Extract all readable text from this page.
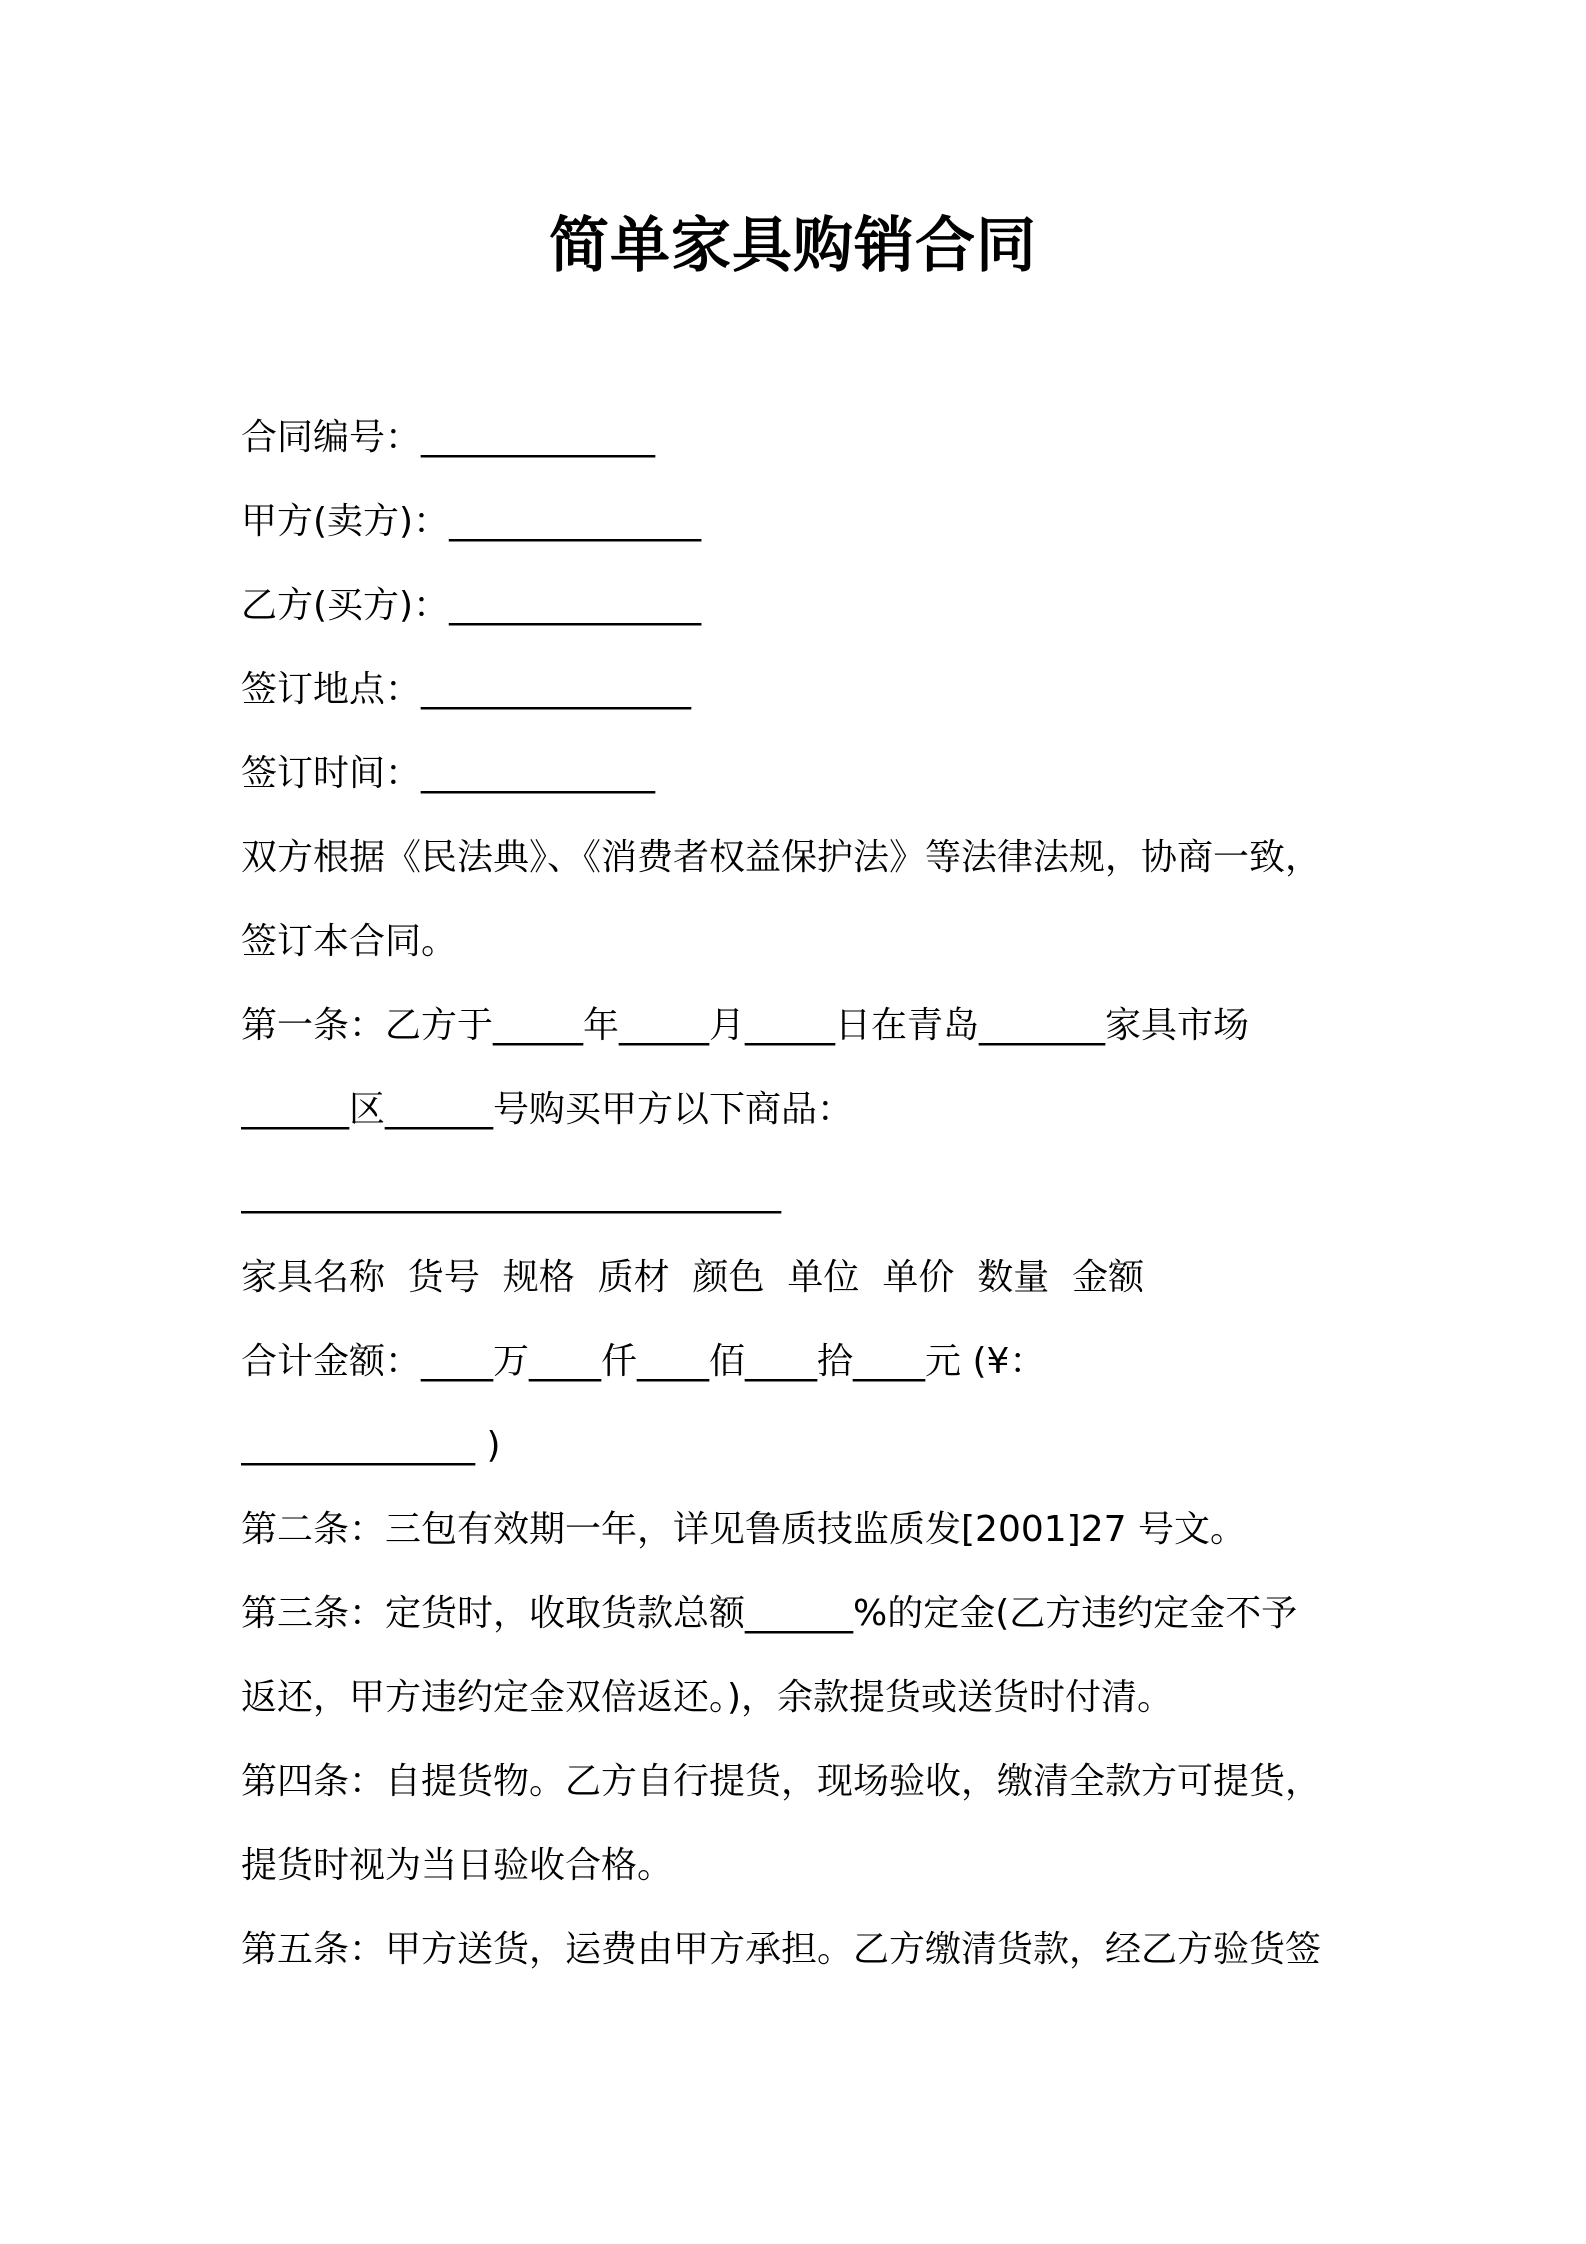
简单家具购销合同
合同编号：_____________
甲方(卖方)：______________
乙方(买方)：______________
签订地点：_______________
签订时间：_____________
双方根据《民法典》、《消费者权益保护法》等法律法规，协商一致，
签订本合同。
第一条：乙方于_____年_____月_____日在青岛_______家具市场
______区______号购买甲方以下商品：
______________________________
家具名称  货号  规格  质材  颜色  单位  单价  数量  金额
合计金额：____万____仟____佰____拾____元 (¥：
_____________ )
第二条：三包有效期一年，详见鲁质技监质发[2001]27 号文。
第三条：定货时，收取货款总额______%的定金(乙方违约定金不予
返还，甲方违约定金双倍返还。)，余款提货或送货时付清。
第四条：自提货物。乙方自行提货，现场验收，缴清全款方可提货，
提货时视为当日验收合格。
第五条：甲方送货，运费由甲方承担。乙方缴清货款，经乙方验货签
